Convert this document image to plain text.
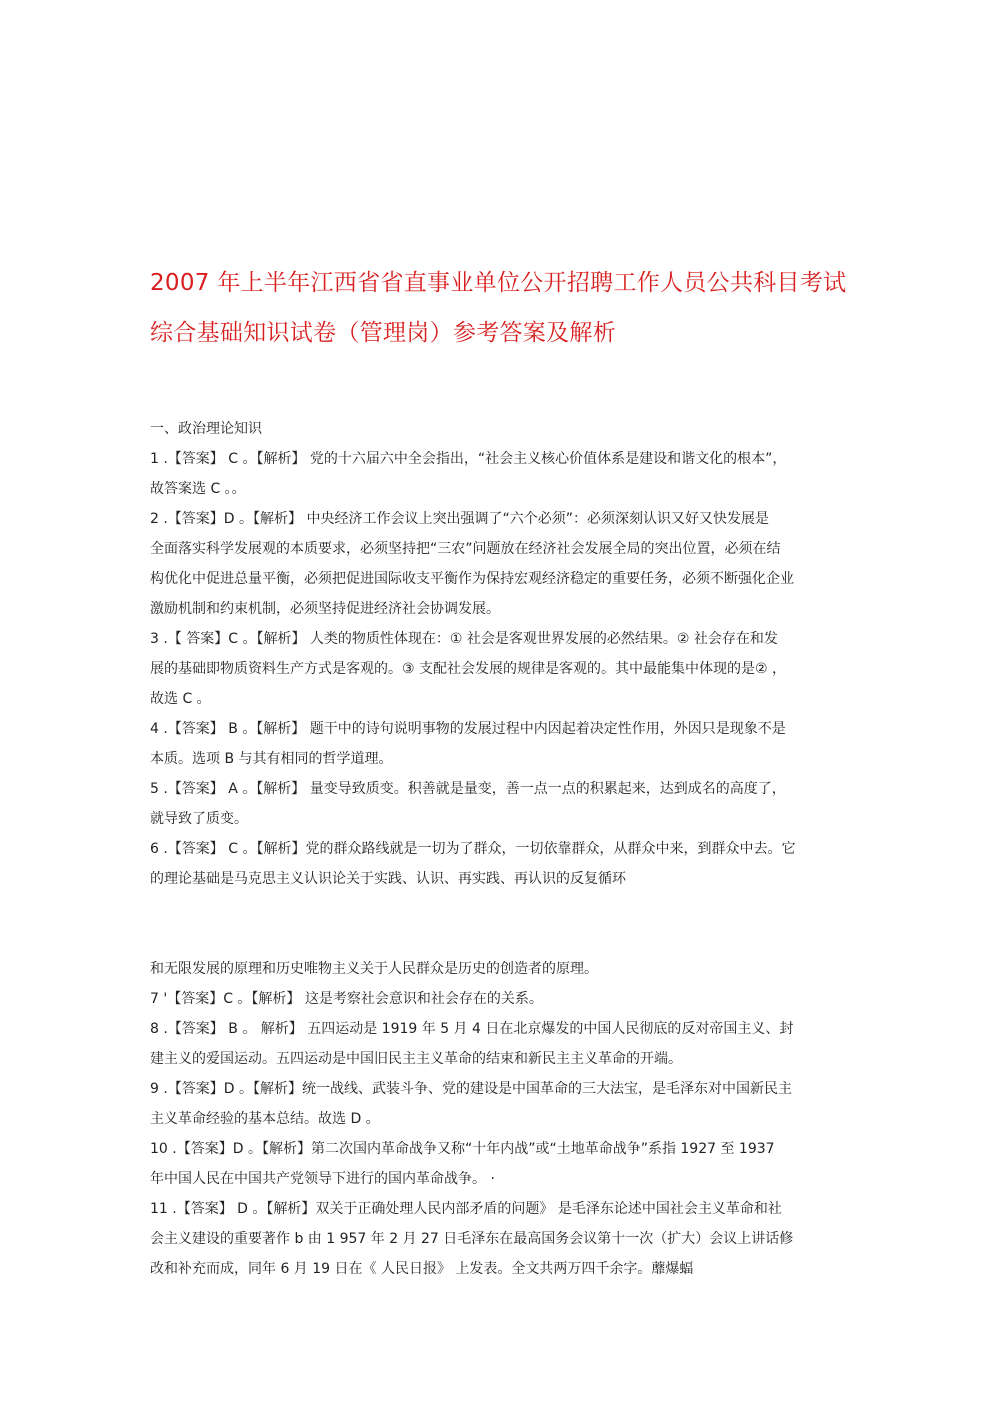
2007 年上半年江西省省直事业单位公开招聘工作人员公共科目考试
综合基础知识试卷（管理岗）参考答案及解析
一、政治理论知识
1 .【答案】 C 。【解析】 党的十六届六中全会指出，“社会主义核心价值体系是建设和谐文化的根本”，
故答案选 C 。。
2 .【答案】D 。【解析】 中央经济工作会议上突出强调了“六个必须”：必须深刻认识又好又快发展是
全面落实科学发展观的本质要求，必须坚持把“三农”问题放在经济社会发展全局的突出位置，必须在结
构优化中促进总量平衡，必须把促进国际收支平衡作为保持宏观经济稳定的重要任务，必须不断强化企业
激励机制和约束机制，必须坚持促进经济社会协调发展。
3 .【 答案】C 。【解析】 人类的物质性体现在：① 社会是客观世界发展的必然结果。② 社会存在和发
展的基础即物质资料生产方式是客观的。③ 支配社会发展的规律是客观的。其中最能集中体现的是② ，
故选 C 。
4 .【答案】 B 。【解析】 题干中的诗句说明事物的发展过程中内因起着决定性作用，外因只是现象不是
本质。选项 B 与其有相同的哲学道理。
5 .【答案】 A 。【解析】 量变导致质变。积善就是量变，善一点一点的积累起来，达到成名的高度了，
就导致了质变。
6 .【答案】 C 。【解析】党的群众路线就是一切为了群众，一切依靠群众，从群众中来，到群众中去。它
的理论基础是马克思主义认识论关于实践、认识、再实践、再认识的反复循环
和无限发展的原理和历史唯物主义关于人民群众是历史的创造者的原理。
7 '【答案】C 。【解析】 这是考察社会意识和社会存在的关系。
8 .【答案】 B 。 解析】 五四运动是 1919 年 5 月 4 日在北京爆发的中国人民彻底的反对帝国主义、封
建主义的爱国运动。五四运动是中国旧民主主义革命的结束和新民主主义革命的开端。
9 .【答案】D 。【解析】统一战线、武装斗争、党的建设是中国革命的三大法宝，是毛泽东对中国新民主
主义革命经验的基本总结。故选 D 。
10 .【答案】D 。【解析】第二次国内革命战争又称“十年内战”或“土地革命战争”系指 1927 至 1937
年中国人民在中国共产党领导下进行的国内革命战争。 ·
11 .【答案】 D 。【解析】双关于正确处理人民内部矛盾的问题》 是毛泽东论述中国社会主义革命和社
会主义建设的重要著作 b 由 1 957 年 2 月 27 日毛泽东在最高国务会议第十一次（扩大）会议上讲话修
改和补充而成，同年 6 月 19 日在《 人民日报》 上发表。全文共两万四千余字。蘼爆蝠
